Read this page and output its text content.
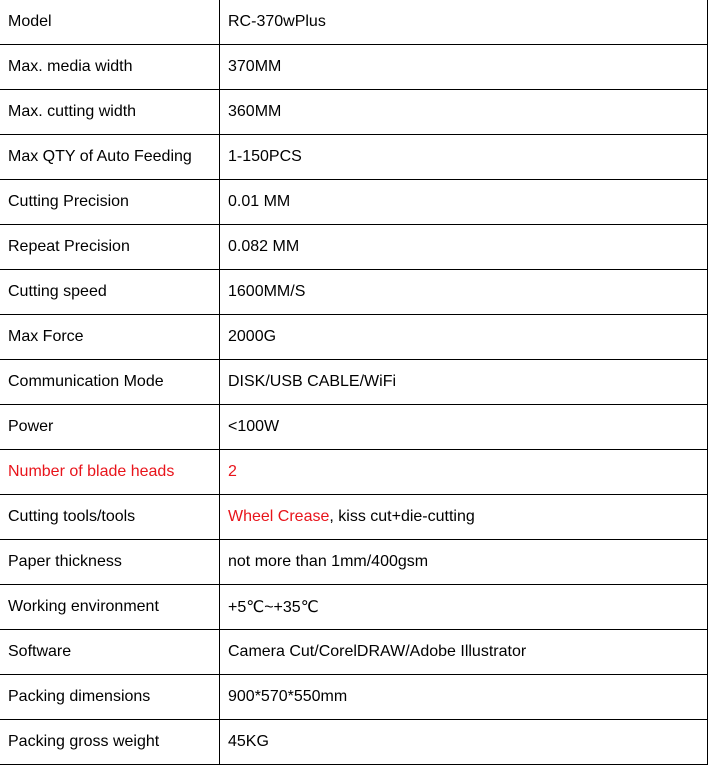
Model	RC-370wPlus
Max. media width	370MM
Max. cutting width	360MM
Max QTY of Auto Feeding	1-150PCS
Cutting Precision	0.01 MM
Repeat Precision	0.082 MM
Cutting speed	1600MM/S
Max Force	2000G
Communication Mode	DISK/USB CABLE/WiFi
Power	<100W
Number of blade heads	2
Cutting tools/tools	Wheel Crease, kiss cut+die-cutting
Paper thickness	not more than 1mm/400gsm
Working environment	+5℃~+35℃
Software	Camera Cut/CorelDRAW/Adobe Illustrator
Packing dimensions	900*570*550mm
Packing gross weight	45KG
